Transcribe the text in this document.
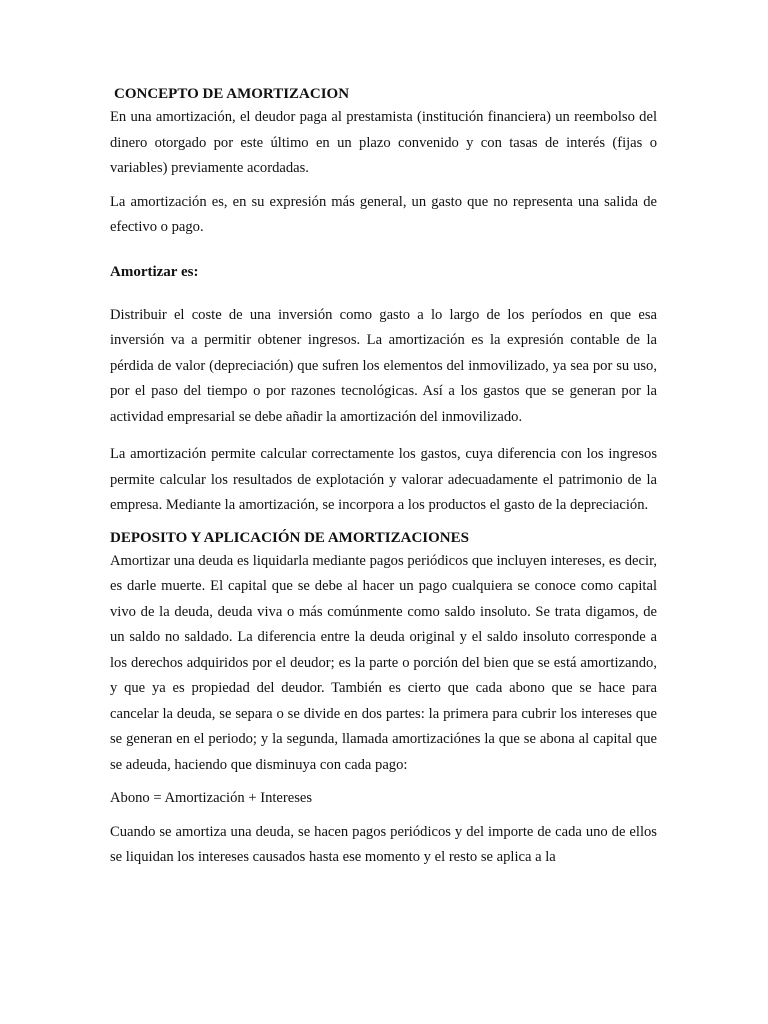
CONCEPTO DE AMORTIZACION

En una amortización, el deudor paga al prestamista (institución financiera) un reembolso del dinero otorgado por este último en un plazo convenido y con tasas de interés (fijas o variables) previamente acordadas.

La amortización es, en su expresión más general, un gasto que no representa una salida de efectivo o pago.

Amortizar es:

Distribuir el coste de una inversión como gasto a lo largo de los períodos en que esa inversión va a permitir obtener ingresos. La amortización es la expresión contable de la pérdida de valor (depreciación) que sufren los elementos del inmovilizado, ya sea por su uso, por el paso del tiempo o por razones tecnológicas. Así a los gastos que se generan por la actividad empresarial se debe añadir la amortización del inmovilizado.

La amortización permite calcular correctamente los gastos, cuya diferencia con los ingresos permite calcular los resultados de explotación y valorar adecuadamente el patrimonio de la empresa. Mediante la amortización, se incorpora a los productos el gasto de la depreciación.

DEPOSITO Y APLICACIÓN DE AMORTIZACIONES

Amortizar una deuda es liquidarla mediante pagos periódicos que incluyen intereses, es decir, es darle muerte. El capital que se debe al hacer un pago cualquiera se conoce como capital vivo de la deuda, deuda viva o más comúnmente como saldo insoluto. Se trata digamos, de un saldo no saldado. La diferencia entre la deuda original y el saldo insoluto corresponde a los derechos adquiridos por el deudor; es la parte o porción del bien que se está amortizando, y que ya es propiedad del deudor. También es cierto que cada abono que se hace para cancelar la deuda, se separa o se divide en dos partes: la primera para cubrir los intereses que se generan en el periodo; y la segunda, llamada amortizaciónes la que se abona al capital que se adeuda, haciendo que disminuya con cada pago:

Abono = Amortización + Intereses

Cuando se amortiza una deuda, se hacen pagos periódicos y del importe de cada uno de ellos se liquidan los intereses causados hasta ese momento y el resto se aplica a la
